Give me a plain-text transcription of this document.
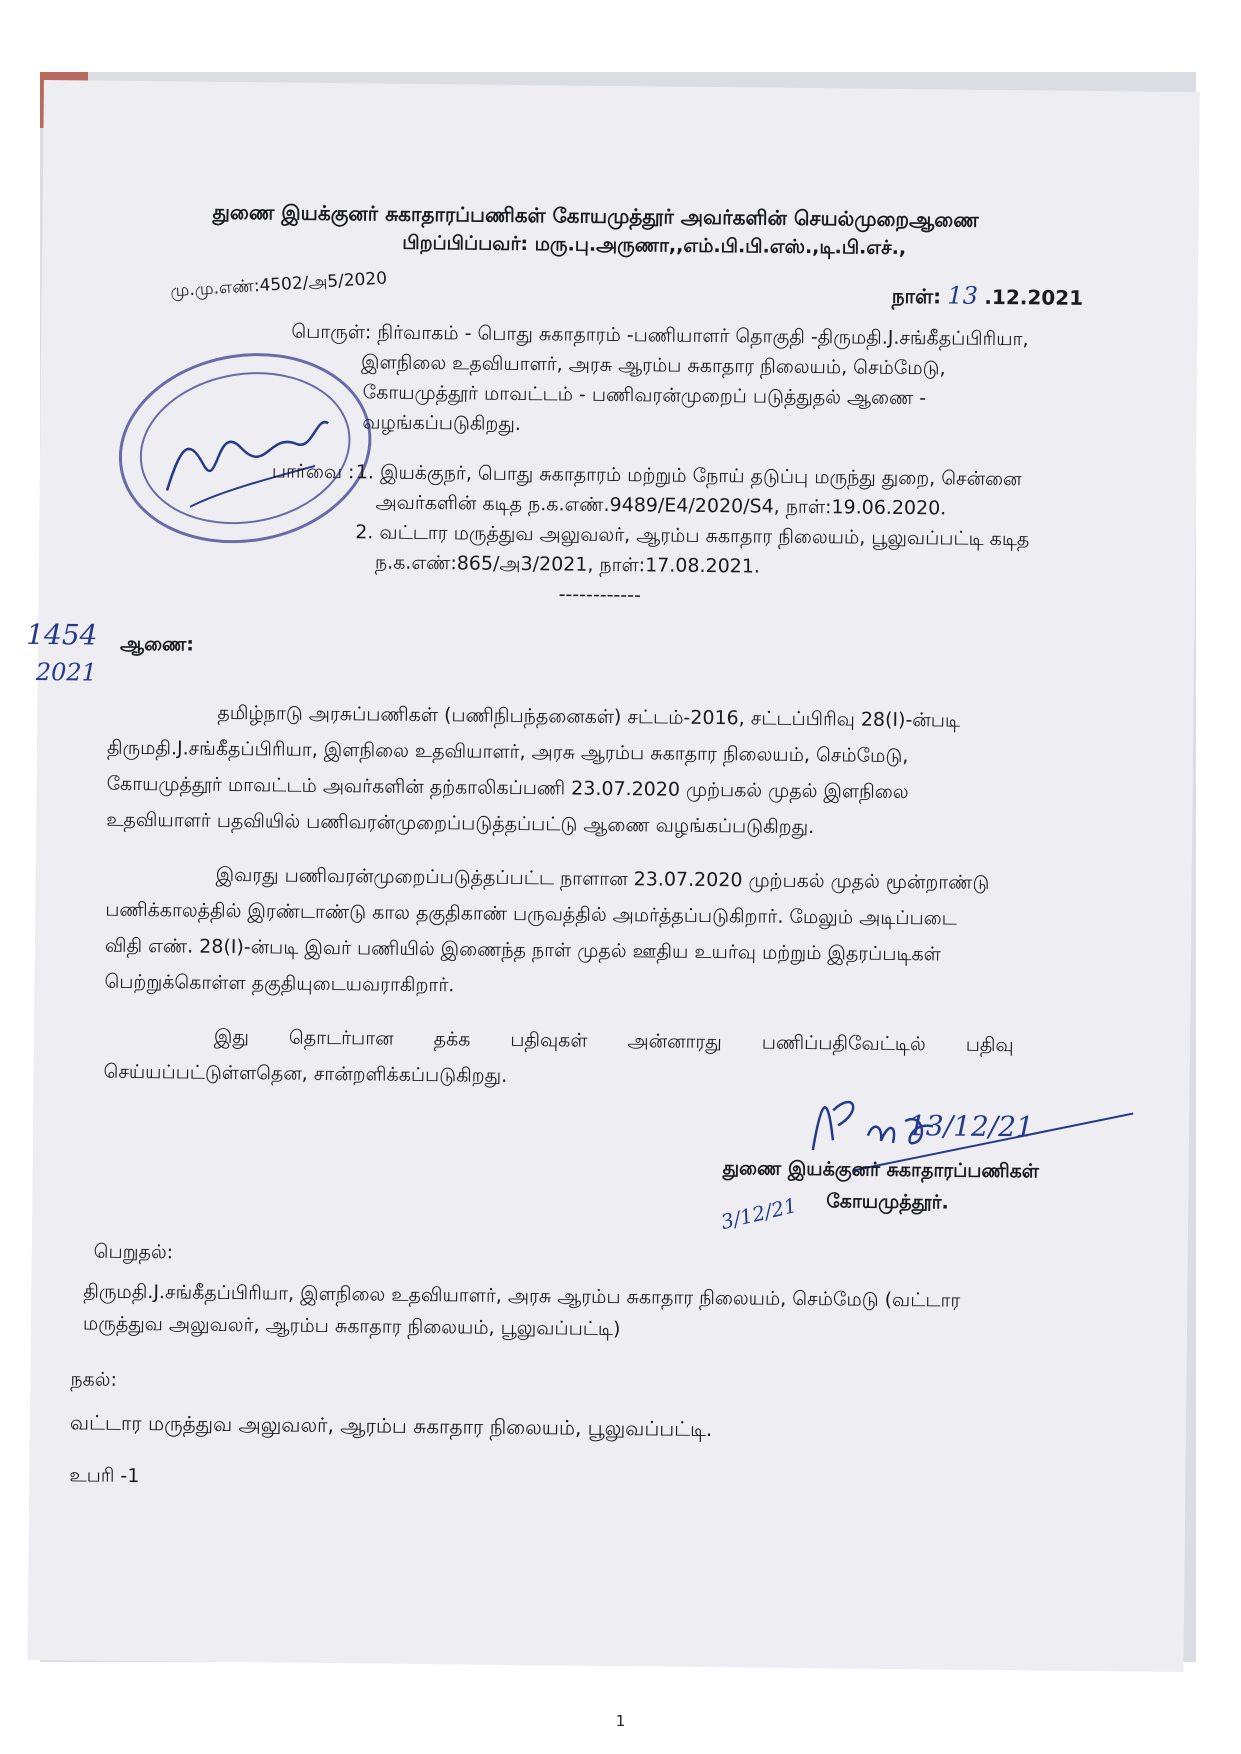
துணை இயக்குனர் சுகாதாரப்பணிகள் கோயமுத்தூர் அவர்களின் செயல்முறைஆணை
பிறப்பிப்பவர்: மரு.பு.அருணா,,எம்.பி.பி.எஸ்.,டி.பி.எச்.,
மு.மு.எண்:4502/அ5/2020	நாள்: 13 .12.2021
பொருள்: நிர்வாகம் - பொது சுகாதாரம் -பணியாளர் தொகுதி -திருமதி.J.சங்கீதப்பிரியா,
இளநிலை உதவியாளர், அரசு ஆரம்ப சுகாதார நிலையம், செம்மேடு,
கோயமுத்தூர் மாவட்டம் - பணிவரன்முறைப் படுத்துதல் ஆணை -
வழங்கப்படுகிறது.
பார்வை : 1. இயக்குநர், பொது சுகாதாரம் மற்றும் நோய் தடுப்பு மருந்து துறை, சென்னை
அவர்களின் கடித ந.க.எண்.9489/E4/2020/S4, நாள்:19.06.2020.
2. வட்டார மருத்துவ அலுவலர், ஆரம்ப சுகாதார நிலையம், பூலுவப்பட்டி கடித
ந.க.எண்:865/அ3/2021, நாள்:17.08.2021.
------------
1454
2021
ஆணை:
தமிழ்நாடு அரசுப்பணிகள் (பணிநிபந்தனைகள்) சட்டம்-2016, சட்டப்பிரிவு 28(I)-ன்படி
திருமதி.J.சங்கீதப்பிரியா, இளநிலை உதவியாளர், அரசு ஆரம்ப சுகாதார நிலையம், செம்மேடு,
கோயமுத்தூர் மாவட்டம் அவர்களின் தற்காலிகப்பணி 23.07.2020 முற்பகல் முதல் இளநிலை
உதவியாளர் பதவியில் பணிவரன்முறைப்படுத்தப்பட்டு ஆணை வழங்கப்படுகிறது.
இவரது பணிவரன்முறைப்படுத்தப்பட்ட நாளான 23.07.2020 முற்பகல் முதல் மூன்றாண்டு
பணிக்காலத்தில் இரண்டாண்டு கால தகுதிகாண் பருவத்தில் அமர்த்தப்படுகிறார். மேலும் அடிப்படை
விதி எண். 28(I)-ன்படி இவர் பணியில் இணைந்த நாள் முதல் ஊதிய உயர்வு மற்றும் இதரப்படிகள்
பெற்றுக்கொள்ள தகுதியுடையவராகிறார்.
இது தொடர்பான தக்க பதிவுகள் அன்னாரது பணிப்பதிவேட்டில் பதிவு
செய்யப்பட்டுள்ளதென, சான்றளிக்கப்படுகிறது.
13/12/21
துணை இயக்குனர் சுகாதாரப்பணிகள்
கோயமுத்தூர்.
3/12/21
பெறுதல்:
திருமதி.J.சங்கீதப்பிரியா, இளநிலை உதவியாளர், அரசு ஆரம்ப சுகாதார நிலையம், செம்மேடு (வட்டார
மருத்துவ அலுவலர், ஆரம்ப சுகாதார நிலையம், பூலுவப்பட்டி)
நகல்:
வட்டார மருத்துவ அலுவலர், ஆரம்ப சுகாதார நிலையம், பூலுவப்பட்டி.
உபரி -1
1
